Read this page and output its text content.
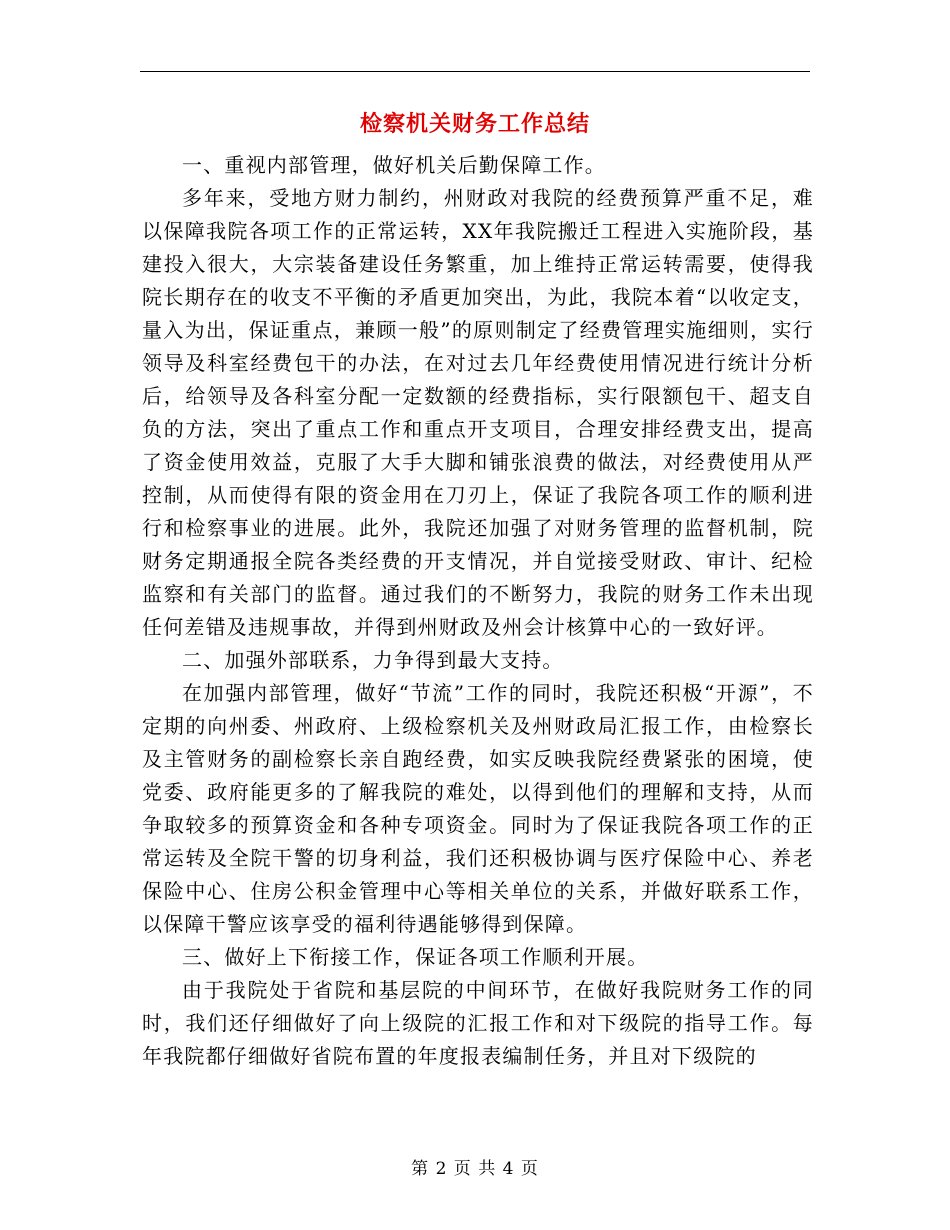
检察机关财务工作总结

一、重视内部管理，做好机关后勤保障工作。

多年来，受地方财力制约，州财政对我院的经费预算严重不足，难以保障我院各项工作的正常运转，XX年我院搬迁工程进入实施阶段，基建投入很大，大宗装备建设任务繁重，加上维持正常运转需要，使得我院长期存在的收支不平衡的矛盾更加突出，为此，我院本着“以收定支，量入为出，保证重点，兼顾一般”的原则制定了经费管理实施细则，实行领导及科室经费包干的办法，在对过去几年经费使用情况进行统计分析后，给领导及各科室分配一定数额的经费指标，实行限额包干、超支自负的方法，突出了重点工作和重点开支项目，合理安排经费支出，提高了资金使用效益，克服了大手大脚和铺张浪费的做法，对经费使用从严控制，从而使得有限的资金用在刀刃上，保证了我院各项工作的顺利进行和检察事业的进展。此外，我院还加强了对财务管理的监督机制，院财务定期通报全院各类经费的开支情况，并自觉接受财政、审计、纪检监察和有关部门的监督。通过我们的不断努力，我院的财务工作未出现任何差错及违规事故，并得到州财政及州会计核算中心的一致好评。

二、加强外部联系，力争得到最大支持。

在加强内部管理，做好“节流”工作的同时，我院还积极“开源”，不定期的向州委、州政府、上级检察机关及州财政局汇报工作，由检察长及主管财务的副检察长亲自跑经费，如实反映我院经费紧张的困境，使党委、政府能更多的了解我院的难处，以得到他们的理解和支持，从而争取较多的预算资金和各种专项资金。同时为了保证我院各项工作的正常运转及全院干警的切身利益，我们还积极协调与医疗保险中心、养老保险中心、住房公积金管理中心等相关单位的关系，并做好联系工作，以保障干警应该享受的福利待遇能够得到保障。

三、做好上下衔接工作，保证各项工作顺利开展。

由于我院处于省院和基层院的中间环节，在做好我院财务工作的同时，我们还仔细做好了向上级院的汇报工作和对下级院的指导工作。每年我院都仔细做好省院布置的年度报表编制任务，并且对下级院的

第 2 页 共 4 页
